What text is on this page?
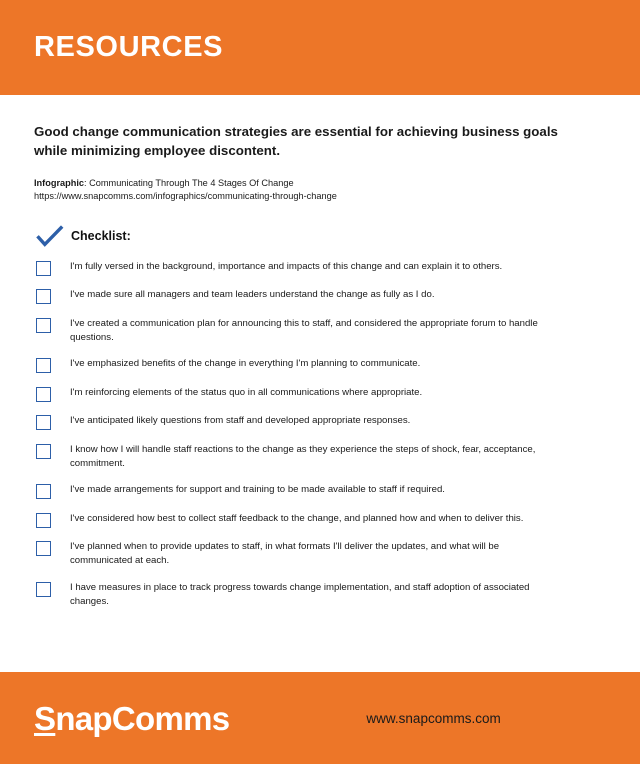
RESOURCES

Good change communication strategies are essential for achieving business goals while minimizing employee discontent.

Infographic: Communicating Through The 4 Stages Of Change
https://www.snapcomms.com/infographics/communicating-through-change
Checklist:
I'm fully versed in the background, importance and impacts of this change and can explain it to others.
I've made sure all managers and team leaders understand the change as fully as I do.
I've created a communication plan for announcing this to staff, and considered the appropriate forum to handle questions.
I've emphasized benefits of the change in everything I'm planning to communicate.
I'm reinforcing elements of the status quo in all communications where appropriate.
I've anticipated likely questions from staff and developed appropriate responses.
I know how I will handle staff reactions to the change as they experience the steps of shock, fear, acceptance, commitment.
I've made arrangements for support and training to be made available to staff if required.
I've considered how best to collect staff feedback to the change, and planned how and when to deliver this.
I've planned when to provide updates to staff, in what formats I'll deliver the updates, and what will be communicated at each.
I have measures in place to track progress towards change implementation, and staff adoption of associated changes.
SnapComms	www.snapcomms.com
